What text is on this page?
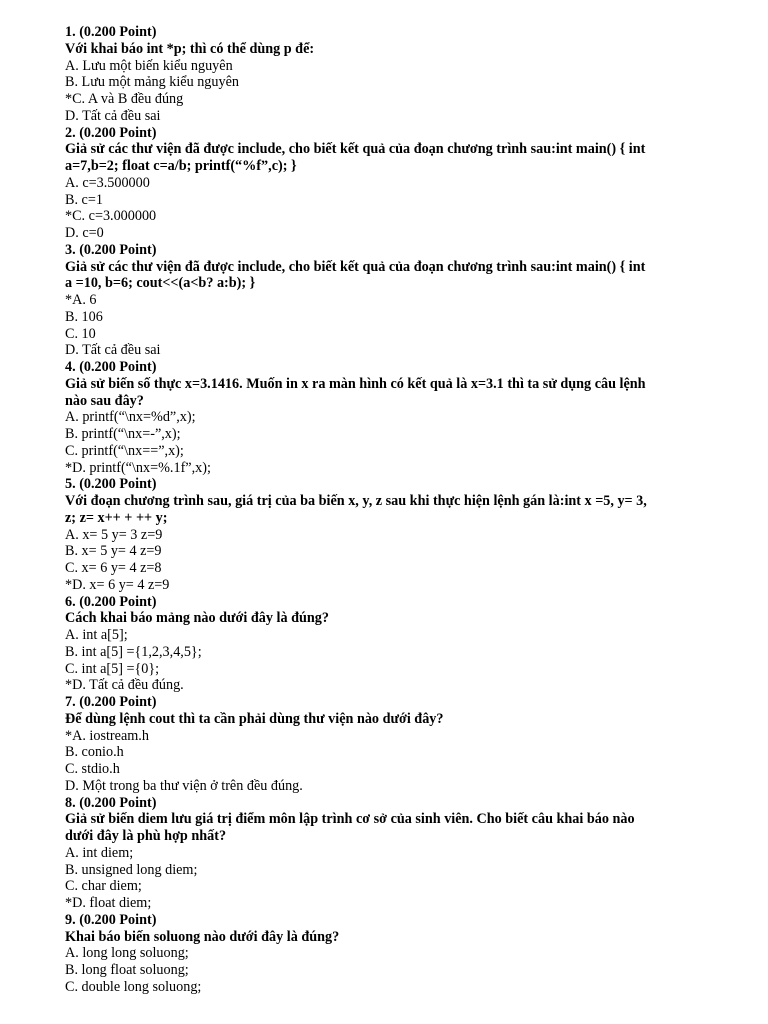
1. (0.200 Point)
Với khai báo int *p; thì có thể dùng p để:
A. Lưu một biến kiểu nguyên
B. Lưu một mảng kiểu nguyên
*C. A và B đều đúng
D. Tất cả đều sai
2. (0.200 Point)
Giả sử các thư viện đã được include, cho biết kết quả của đoạn chương trình sau:int main() { int
a=7,b=2; float c=a/b; printf(“%f”,c); }
A. c=3.500000
B. c=1
*C. c=3.000000
D. c=0
3. (0.200 Point)
Giả sử các thư viện đã được include, cho biết kết quả của đoạn chương trình sau:int main() { int
a =10, b=6; cout<<(a<b? a:b); }
*A. 6
B. 106
C. 10
D. Tất cả đều sai
4. (0.200 Point)
Giả sử biến số thực x=3.1416. Muốn in x ra màn hình có kết quả là x=3.1 thì ta sử dụng câu lệnh
nào sau đây?
A. printf(“\nx=%d”,x);
B. printf(“\nx=-”,x);
C. printf(“\nx==”,x);
*D. printf(“\nx=%.1f”,x);
5. (0.200 Point)
Với đoạn chương trình sau, giá trị của ba biến x, y, z sau khi thực hiện lệnh gán là:int x =5, y= 3,
z; z= x++ + ++ y;
A. x= 5 y= 3 z=9
B. x= 5 y= 4 z=9
C. x= 6 y= 4 z=8
*D. x= 6 y= 4 z=9
6. (0.200 Point)
Cách khai báo mảng nào dưới đây là đúng?
A. int a[5];
B. int a[5] ={1,2,3,4,5};
C. int a[5] ={0};
*D. Tất cả đều đúng.
7. (0.200 Point)
Để dùng lệnh cout thì ta cần phải dùng thư viện nào dưới đây?
*A. iostream.h
B. conio.h
C. stdio.h
D. Một trong ba thư viện ở trên đều đúng.
8. (0.200 Point)
Giả sử biến diem lưu giá trị điểm môn lập trình cơ sở của sinh viên. Cho biết câu khai báo nào
dưới đây là phù hợp nhất?
A. int diem;
B. unsigned long diem;
C. char diem;
*D. float diem;
9. (0.200 Point)
Khai báo biến soluong nào dưới đây là đúng?
A. long long soluong;
B. long float soluong;
C. double long soluong;
